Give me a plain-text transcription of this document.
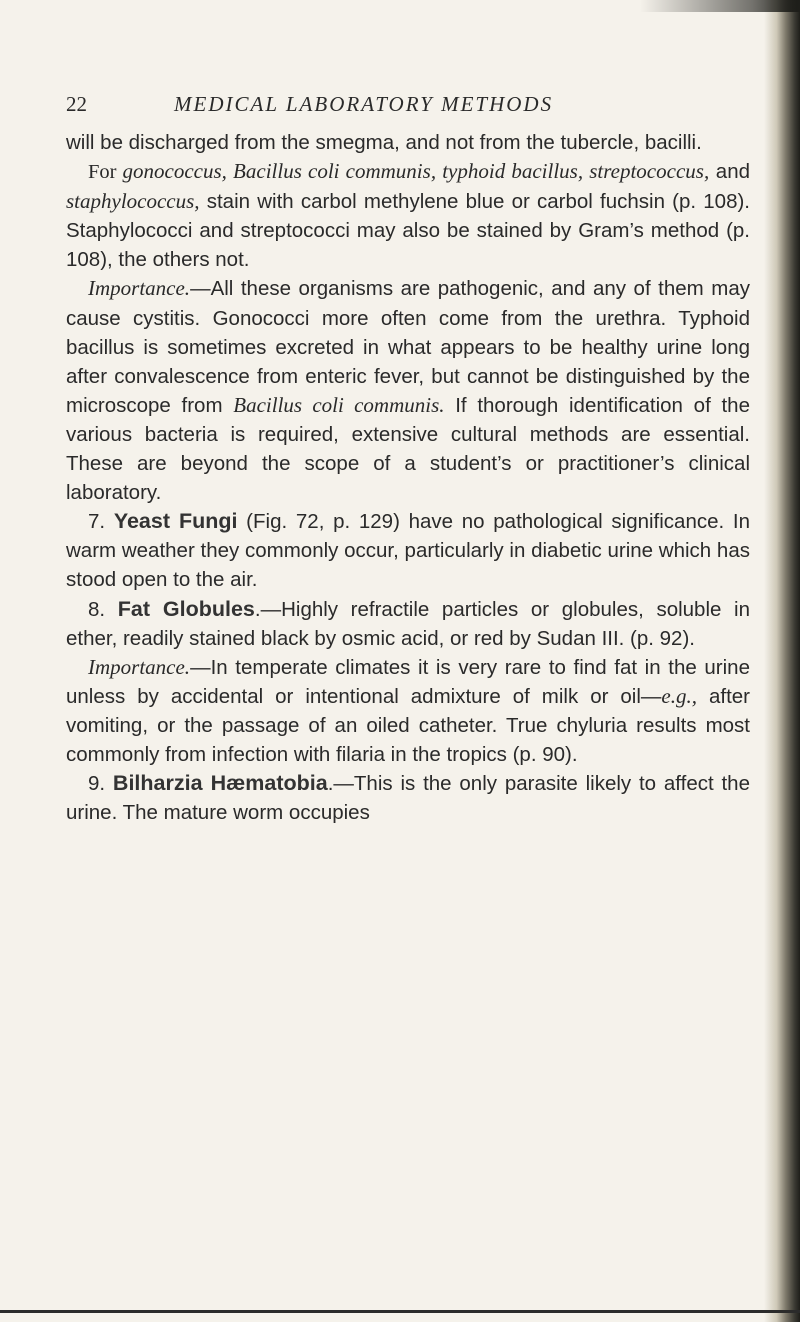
22	MEDICAL LABORATORY METHODS

will be discharged from the smegma, and not from the tubercle, bacilli.

For gonococcus, Bacillus coli communis, typhoid bacillus, streptococcus, and staphylococcus, stain with carbol methylene blue or carbol fuchsin (p. 108). Staphylococci and streptococci may also be stained by Gram’s method (p. 108), the others not.

Importance.—All these organisms are pathogenic, and any of them may cause cystitis. Gonococci more often come from the urethra. Typhoid bacillus is sometimes excreted in what appears to be healthy urine long after convalescence from enteric fever, but cannot be distinguished by the microscope from Bacillus coli communis. If thorough identification of the various bacteria is required, extensive cultural methods are essential. These are beyond the scope of a student’s or practitioner’s clinical laboratory.

7. Yeast Fungi (Fig. 72, p. 129) have no pathological significance. In warm weather they commonly occur, particularly in diabetic urine which has stood open to the air.

8. Fat Globules.—Highly refractile particles or globules, soluble in ether, readily stained black by osmic acid, or red by Sudan III. (p. 92).

Importance.—In temperate climates it is very rare to find fat in the urine unless by accidental or intentional admixture of milk or oil—e.g., after vomiting, or the passage of an oiled catheter. True chyluria results most commonly from infection with filaria in the tropics (p. 90).

9. Bilharzia Hæmatobia.—This is the only parasite likely to affect the urine. The mature worm occupies
